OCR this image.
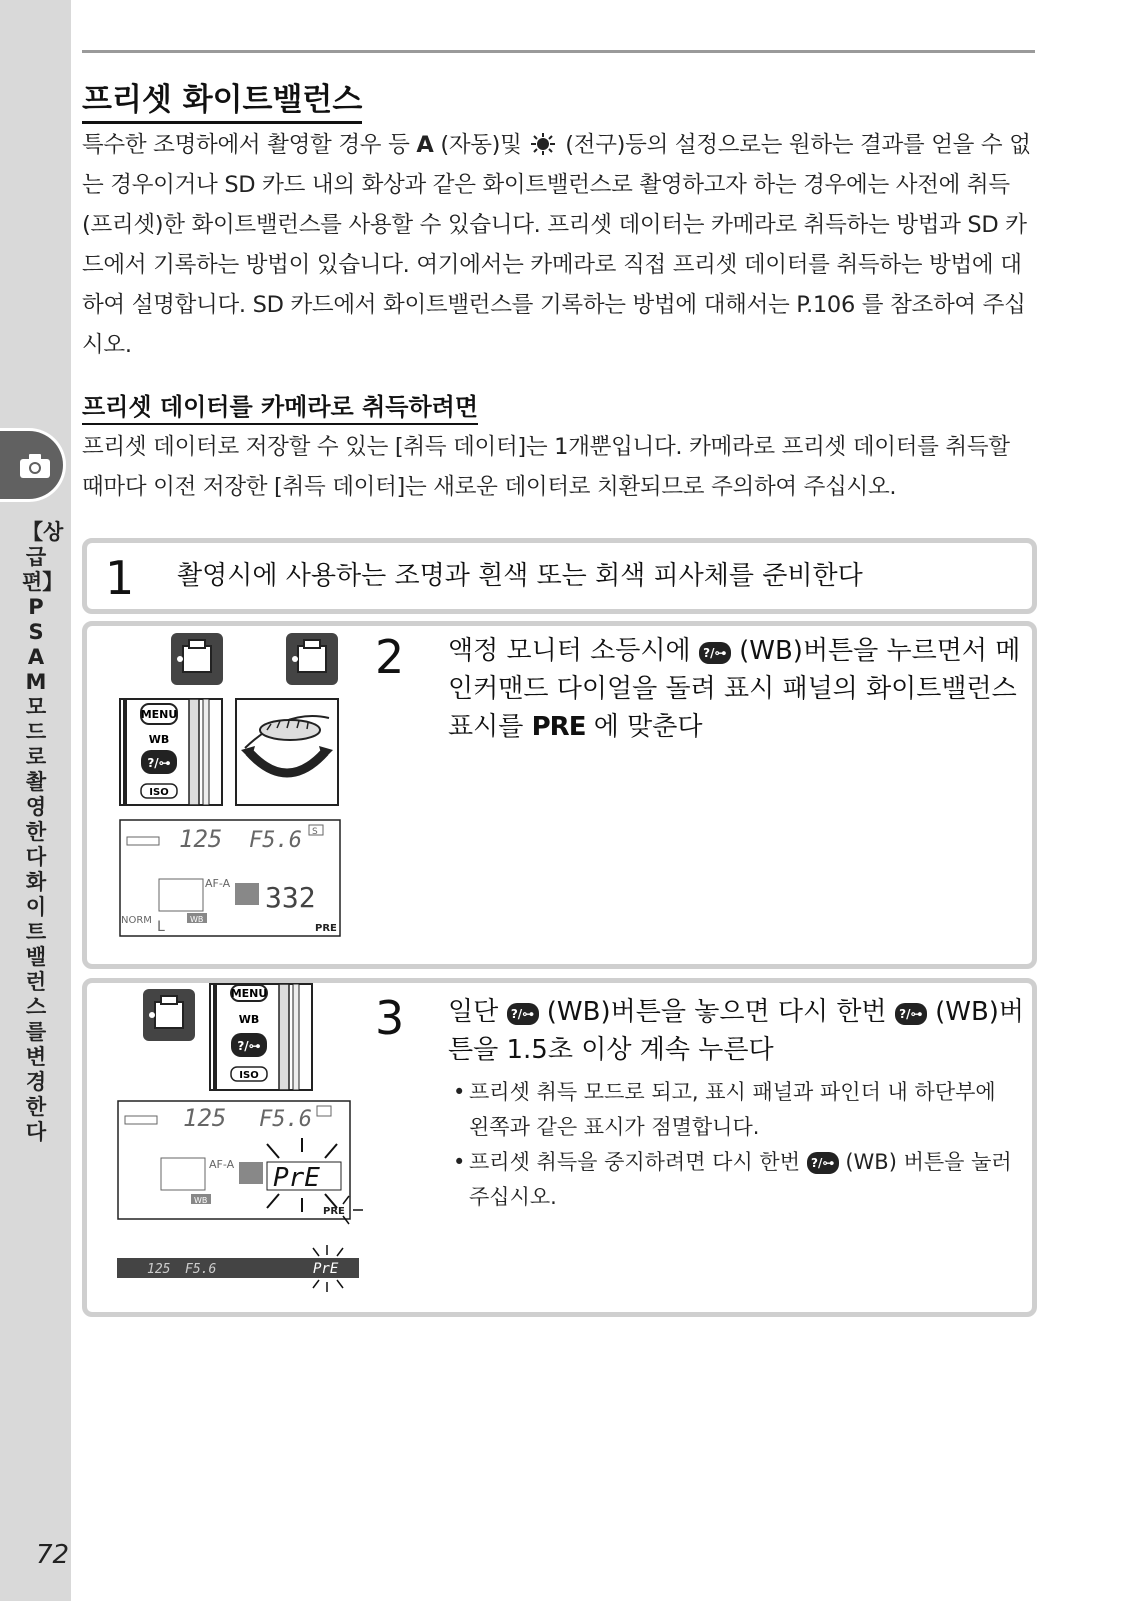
【상급편】PSAM모드로 촬영한다 화이트밸런스를 변경한다
72
프리셋 화이트밸런스

특수한 조명하에서 촬영할 경우 등 A (자동)및  (전구)등의 설정으로는 원하는 결과를 얻을 수 없는 경우이거나 SD 카드 내의 화상과 같은 화이트밸런스로 촬영하고자 하는 경우에는 사전에 취득(프리셋)한 화이트밸런스를 사용할 수 있습니다. 프리셋 데이터는 카메라로 취득하는 방법과 SD 카드에서 기록하는 방법이 있습니다. 여기에서는 카메라로 직접 프리셋 데이터를 취득하는 방법에 대하여 설명합니다. SD 카드에서 화이트밸런스를 기록하는 방법에 대해서는 P.106 를 참조하여 주십시오.

프리셋 데이터를 카메라로 취득하려면

프리셋 데이터로 저장할 수 있는 [취득 데이터]는 1개뿐입니다. 카메라로 프리셋 데이터를 취득할 때마다 이전 저장한 [취득 데이터]는 새로운 데이터로 치환되므로 주의하여 주십시오.

1 촬영시에 사용하는 조명과 흰색 또는 회색 피사체를 준비한다
MENU
WB
?/⊶
ISO
125 F5.6 S
AF-A 332
NORM L	WB
PRE
2 액정 모니터 소등시에 ?/⊶ (WB)버튼을 누르면서 메인커맨드 다이얼을 돌려 표시 패널의 화이트밸런스 표시를 PRE 에 맞춘다
MENU
WB
?/⊶
ISO
125 F5.6
AF-A PrE
WB
PRE
125 F5.6	PrE
3 일단 ?/⊶ (WB)버튼을 놓으면 다시 한번 ?/⊶ (WB)버튼을 1.5초 이상 계속 누른다
• 프리셋 취득 모드로 되고, 표시 패널과 파인더 내 하단부에 왼쪽과 같은 표시가 점멸합니다.
• 프리셋 취득을 중지하려면 다시 한번 ?/⊶ (WB) 버튼을 눌러 주십시오.
